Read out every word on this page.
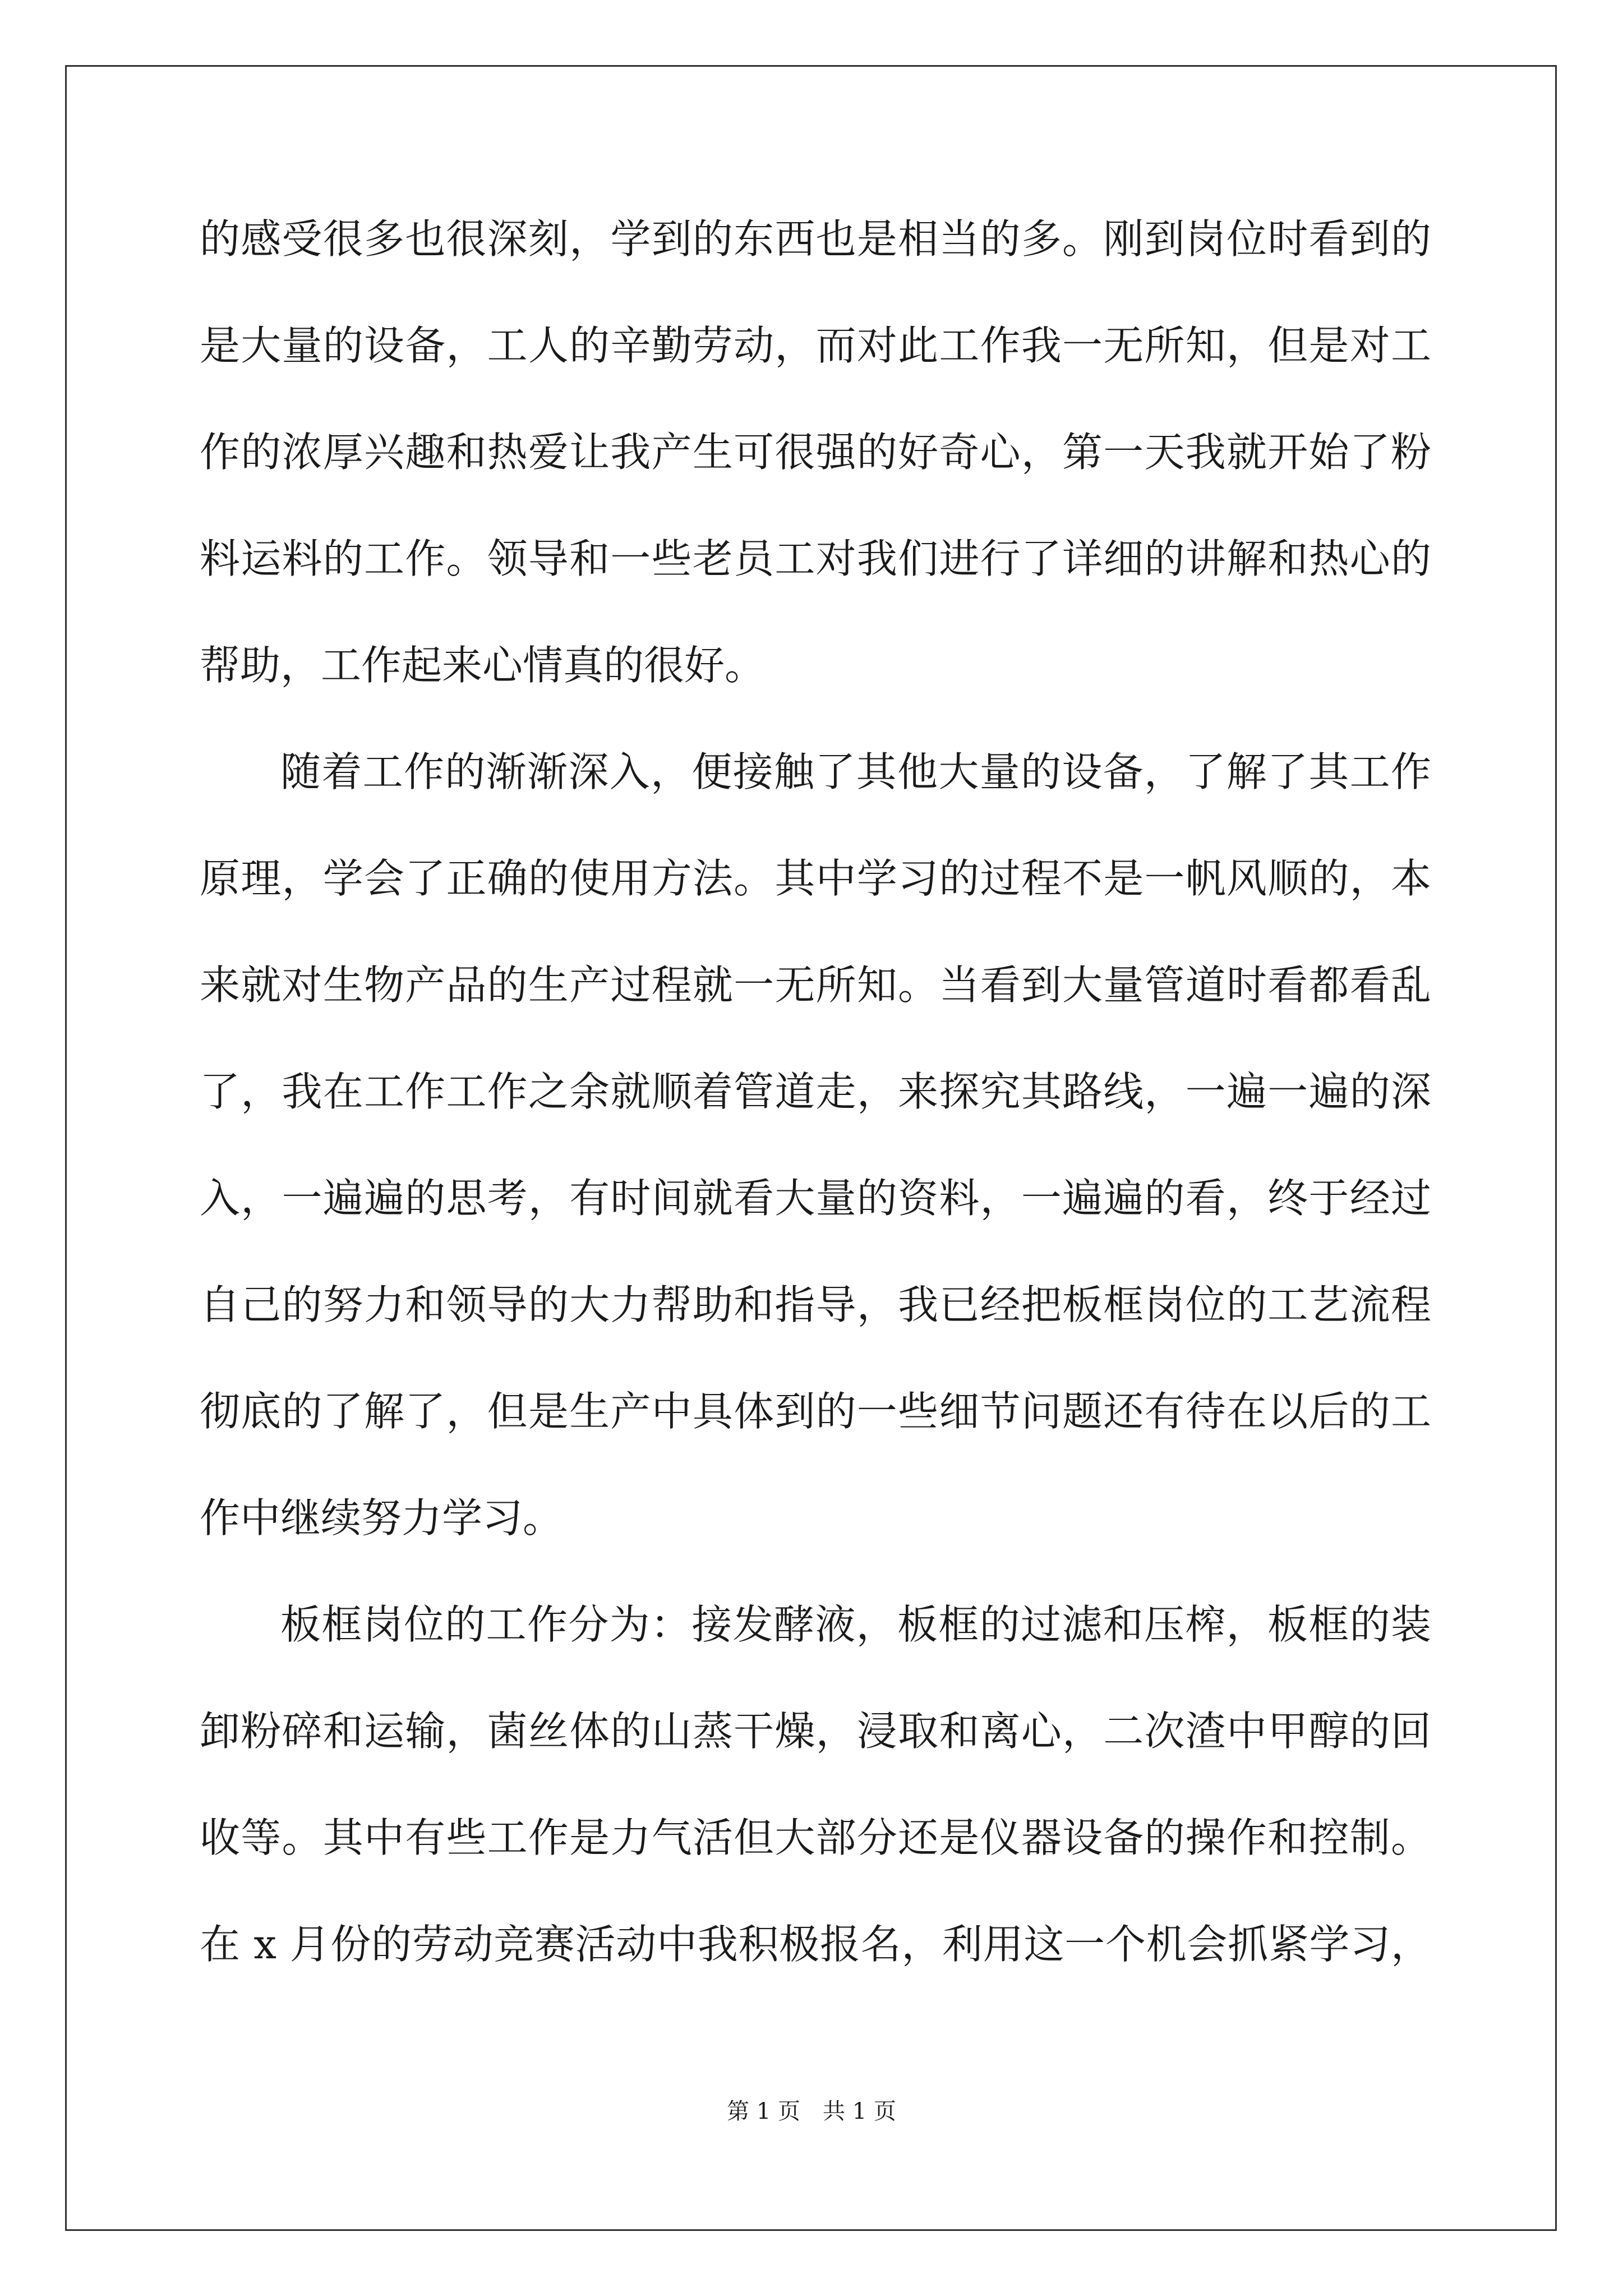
的感受很多也很深刻，学到的东西也是相当的多。刚到岗位时看到的
是大量的设备，工人的辛勤劳动，而对此工作我一无所知，但是对工
作的浓厚兴趣和热爱让我产生可很强的好奇心，第一天我就开始了粉
料运料的工作。领导和一些老员工对我们进行了详细的讲解和热心的
帮助，工作起来心情真的很好。
随着工作的渐渐深入，便接触了其他大量的设备，了解了其工作
原理，学会了正确的使用方法。其中学习的过程不是一帆风顺的，本
来就对生物产品的生产过程就一无所知。当看到大量管道时看都看乱
了，我在工作工作之余就顺着管道走，来探究其路线，一遍一遍的深
入，一遍遍的思考，有时间就看大量的资料，一遍遍的看，终于经过
自己的努力和领导的大力帮助和指导，我已经把板框岗位的工艺流程
彻底的了解了，但是生产中具体到的一些细节问题还有待在以后的工
作中继续努力学习。
板框岗位的工作分为：接发酵液，板框的过滤和压榨，板框的装
卸粉碎和运输，菌丝体的山蒸干燥，浸取和离心，二次渣中甲醇的回
收等。其中有些工作是力气活但大部分还是仪器设备的操作和控制。
在 x 月份的劳动竞赛活动中我积极报名，利用这一个机会抓紧学习，
第 1 页　共 1 页
